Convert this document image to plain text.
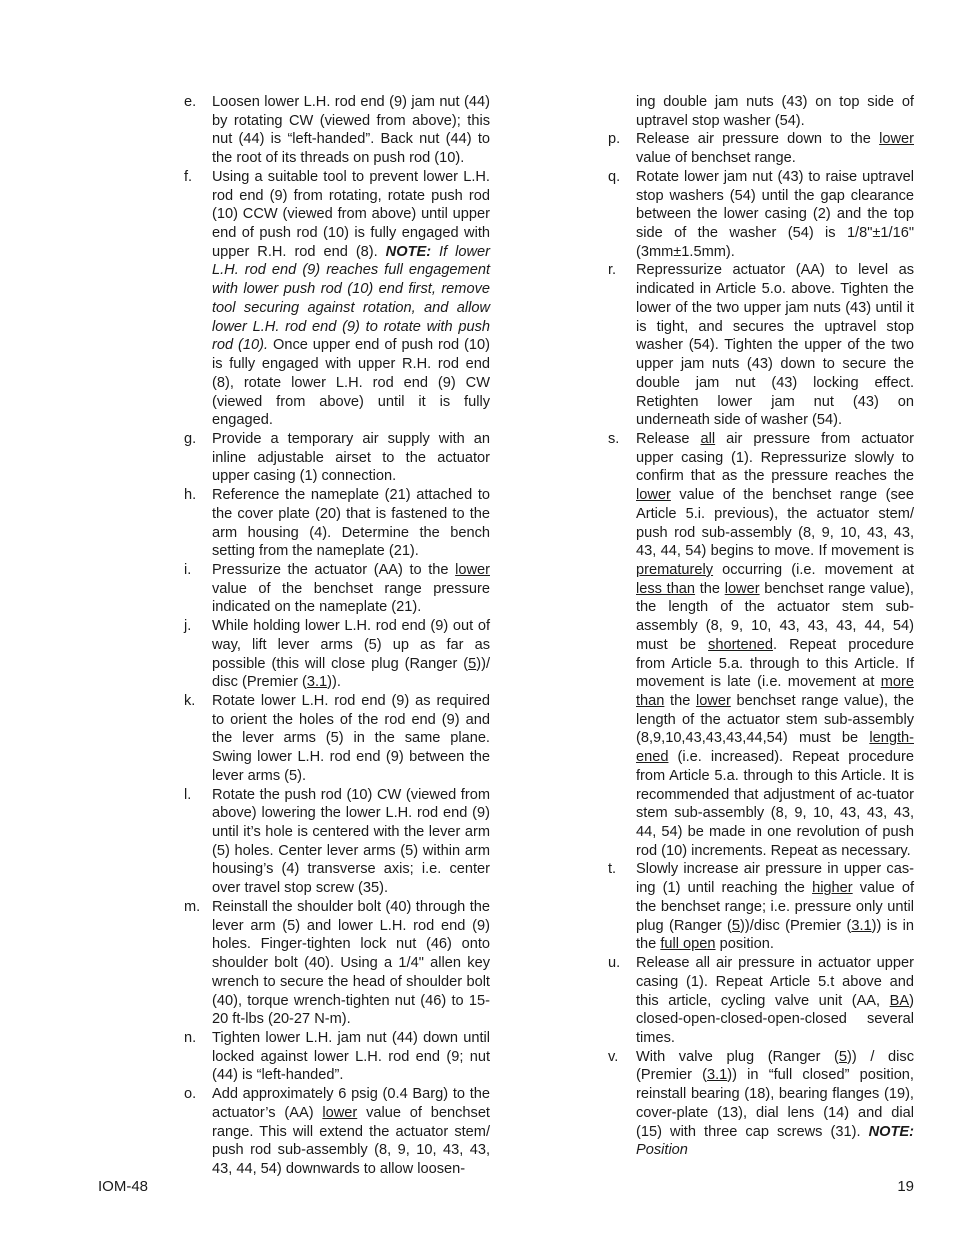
e. Loosen lower L.H. rod end (9) jam nut (44) by rotating CW (viewed from above); this nut (44) is “left-handed”. Back nut (44) to the root of its threads on push rod (10).
f. Using a suitable tool to prevent lower L.H. rod end (9) from rotating, rotate push rod (10) CCW (viewed from above) until upper end of push rod (10) is fully engaged with upper R.H. rod end (8). NOTE: If lower L.H. rod end (9) reaches full engagement with lower push rod (10) end first, remove tool securing against rotation, and allow lower L.H. rod end (9) to rotate with push rod (10). Once upper end of push rod (10) is fully engaged with upper R.H. rod end (8), rotate lower L.H. rod end (9) CW (viewed from above) until it is fully engaged.
g. Provide a temporary air supply with an inline adjustable airset to the actuator upper casing (1) connection.
h. Reference the nameplate (21) attached to the cover plate (20) that is fastened to the arm housing (4). Determine the bench setting from the nameplate (21).
i. Pressurize the actuator (AA) to the lower value of the benchset range pressure indicated on the nameplate (21).
j. While holding lower L.H. rod end (9) out of way, lift lever arms (5) up as far as possible (this will close plug (Ranger (5))/ disc (Premier (3.1)).
k. Rotate lower L.H. rod end (9) as required to orient the holes of the rod end (9) and the lever arms (5) in the same plane. Swing lower L.H. rod end (9) between the lever arms (5).
l. Rotate the push rod (10) CW (viewed from above) lowering the lower L.H. rod end (9) until it’s hole is centered with the lever arm (5) holes. Center lever arms (5) within arm housing’s (4) transverse axis; i.e. center over travel stop screw (35).
m. Reinstall the shoulder bolt (40) through the lever arm (5) and lower L.H. rod end (9) holes. Finger-tighten lock nut (46) onto shoulder bolt (40). Using a 1/4" allen key wrench to secure the head of shoulder bolt (40), torque wrench-tighten nut (46) to 15-20 ft-lbs (20-27 N-m).
n. Tighten lower L.H. jam nut (44) down until locked against lower L.H. rod end (9; nut (44) is “left-handed”.
o. Add approximately 6 psig (0.4 Barg) to the actuator’s (AA) lower value of benchset range. This will extend the actuator stem/ push rod sub-assembly (8, 9, 10, 43, 43, 43, 44, 54) downwards to allow loosen-
ing double jam nuts (43) on top side of uptravel stop washer (54).
p. Release air pressure down to the lower value of benchset range.
q. Rotate lower jam nut (43) to raise uptravel stop washers (54) until the gap clearance between the lower casing (2) and the top side of the washer (54) is 1/8"±1/16" (3mm±1.5mm).
r. Repressurize actuator (AA) to level as indicated in Article 5.o. above. Tighten the lower of the two upper jam nuts (43) until it is tight, and secures the uptravel stop washer (54). Tighten the upper of the two upper jam nuts (43) down to secure the double jam nut (43) locking effect. Retighten lower jam nut (43) on underneath side of washer (54).
s. Release all air pressure from actuator upper casing (1). Repressurize slowly to confirm that as the pressure reaches the lower value of the benchset range (see Article 5.i. previous), the actuator stem/ push rod sub-assembly (8, 9, 10, 43, 43, 43, 44, 54) begins to move. If movement is prematurely occurring (i.e. movement at less than the lower benchset range value), the length of the actuator stem sub-assembly (8, 9, 10, 43, 43, 43, 44, 54) must be shortened. Repeat procedure from Article 5.a. through to this Article. If movement is late (i.e. movement at more than the lower benchset range value), the length of the actuator stem sub-assembly (8,9,10,43,43,43,44,54) must be length-ened (i.e. increased). Repeat procedure from Article 5.a. through to this Article. It is recommended that adjustment of ac-tuator stem sub-assembly (8, 9, 10, 43, 43, 43, 44, 54) be made in one revolution of push rod (10) increments. Repeat as necessary.
t. Slowly increase air pressure in upper cas-ing (1) until reaching the higher value of the benchset range; i.e. pressure only until plug (Ranger (5))/disc (Premier (3.1)) is in the full open position.
u. Release all air pressure in actuator upper casing (1). Repeat Article 5.t above and this article, cycling valve unit (AA, BA) closed-open-closed-open-closed several times.
v. With valve plug (Ranger (5)) / disc (Premier (3.1)) in “full closed” position, reinstall bearing (18), bearing flanges (19), cover-plate (13), dial lens (14) and dial (15) with three cap screws (31). NOTE: Position
IOM-48	19
